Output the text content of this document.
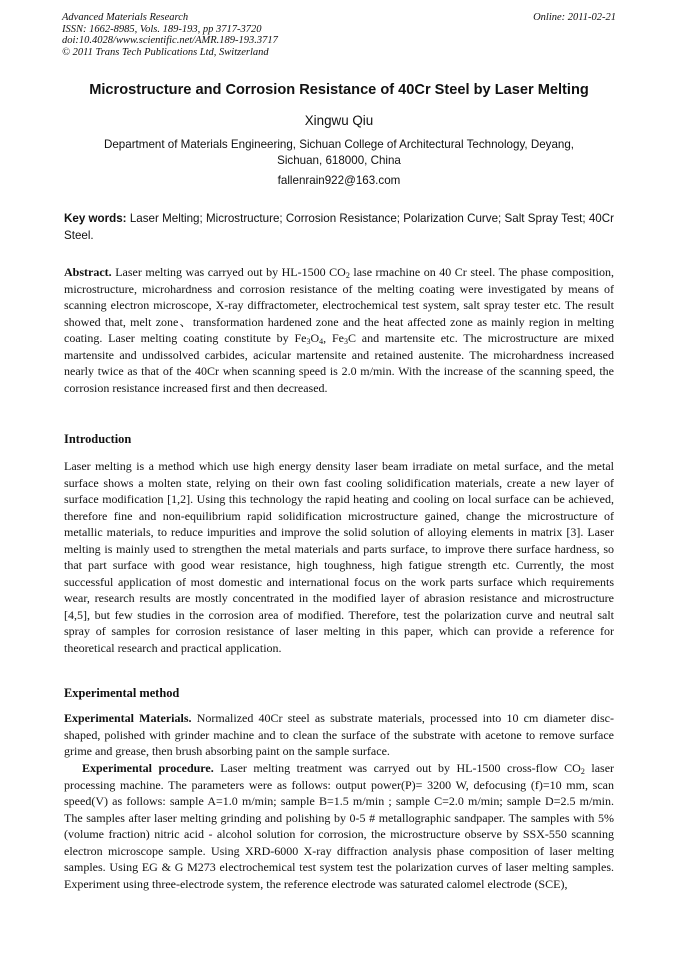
Advanced Materials Research
ISSN: 1662-8985, Vols. 189-193, pp 3717-3720
doi:10.4028/www.scientific.net/AMR.189-193.3717
© 2011 Trans Tech Publications Ltd, Switzerland
Online: 2011-02-21
Microstructure and Corrosion Resistance of 40Cr Steel by Laser Melting
Xingwu Qiu
Department of Materials Engineering, Sichuan College of Architectural Technology, Deyang, Sichuan, 618000, China
fallenrain922@163.com
Key words: Laser Melting; Microstructure; Corrosion Resistance; Polarization Curve; Salt Spray Test; 40Cr Steel.
Abstract. Laser melting was carryed out by HL-1500 $CO_2$ lase rmachine on 40 Cr steel. The phase composition, microstructure, microhardness and corrosion resistance of the melting coating were investigated by means of scanning electron microscope, X-ray diffractometer, electrochemical test system, salt spray tester etc. The result showed that, melt zone、transformation hardened zone and the heat affected zone as mainly region in melting coating. Laser melting coating constitute by $Fe_3O_4$, $Fe_3C$ and martensite etc. The microstructure are mixed martensite and undissolved carbides, acicular martensite and retained austenite. The microhardness increased nearly twice as that of the 40Cr when scanning speed is 2.0 m/min. With the increase of the scanning speed, the corrosion resistance increased first and then decreased.
Introduction
Laser melting is a method which use high energy density laser beam irradiate on metal surface, and the metal surface shows a molten state, relying on their own fast cooling solidification materials, create a new layer of surface modification [1,2]. Using this technology the rapid heating and cooling on local surface can be achieved, therefore fine and non-equilibrium rapid solidification microstructure gained, change the microstructure of metallic materials, to reduce impurities and improve the solid solution of alloying elements in matrix [3]. Laser melting is mainly used to strengthen the metal materials and parts surface, to improve there surface hardness, so that part surface with good wear resistance, high toughness, high fatigue strength etc. Currently, the most successful application of most domestic and international focus on the work parts surface which requirements wear, research results are mostly concentrated in the modified layer of abrasion resistance and microstructure [4,5], but few studies in the corrosion area of modified. Therefore, test the polarization curve and neutral salt spray of samples for corrosion resistance of laser melting in this paper, which can provide a reference for theoretical research and practical application.
Experimental method
Experimental Materials. Normalized 40Cr steel as substrate materials, processed into 10 cm diameter disc-shaped, polished with grinder machine and to clean the surface of the substrate with acetone to remove surface grime and grease, then brush absorbing paint on the sample surface.
Experimental procedure. Laser melting treatment was carryed out by HL-1500 cross-flow $CO_2$ laser processing machine. The parameters were as follows: output power(P)= 3200 W, defocusing (f)=10 mm, scan speed(V) as follows: sample A=1.0 m/min; sample B=1.5 m/min ; sample C=2.0 m/min; sample D=2.5 m/min. The samples after laser melting grinding and polishing by 0-5 # metallographic sandpaper. The samples with 5% (volume fraction) nitric acid - alcohol solution for corrosion, the microstructure observe by SSX-550 scanning electron microscope sample. Using XRD-6000 X-ray diffraction analysis phase composition of laser melting samples. Using EG & G M273 electrochemical test system test the polarization curves of laser melting samples. Experiment using three-electrode system, the reference electrode was saturated calomel electrode (SCE),
